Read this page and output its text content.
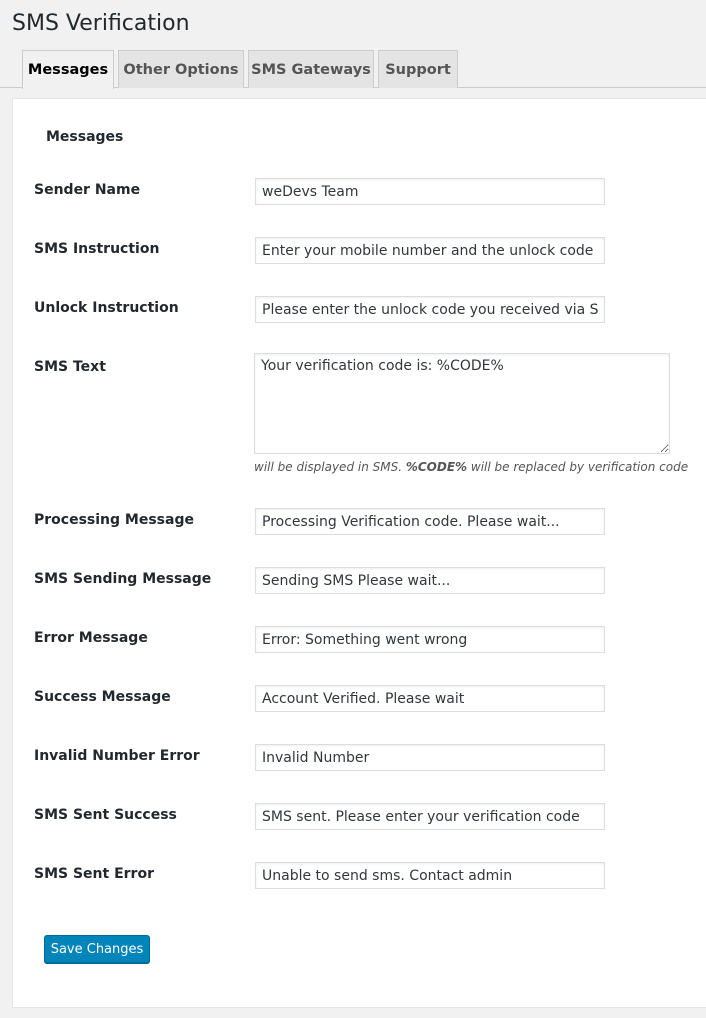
SMS Verification
Messages	Other Options SMS Gateways Support
Messages
Sender Name
weDevs Team
SMS Instruction
Enter your mobile number and the unlock code will
Unlock Instruction
Please enter the unlock code you received via SMS.
SMS Text
Your verification code is: %CODE%
will be displayed in SMS. %CODE% will be replaced by verification code
Processing Message
Processing Verification code. Please wait...
SMS Sending Message
Sending SMS Please wait...
Error Message
Error: Something went wrong
Success Message
Account Verified. Please wait
Invalid Number Error
Invalid Number
SMS Sent Success
SMS sent. Please enter your verification code
SMS Sent Error
Unable to send sms. Contact admin
Save Changes
